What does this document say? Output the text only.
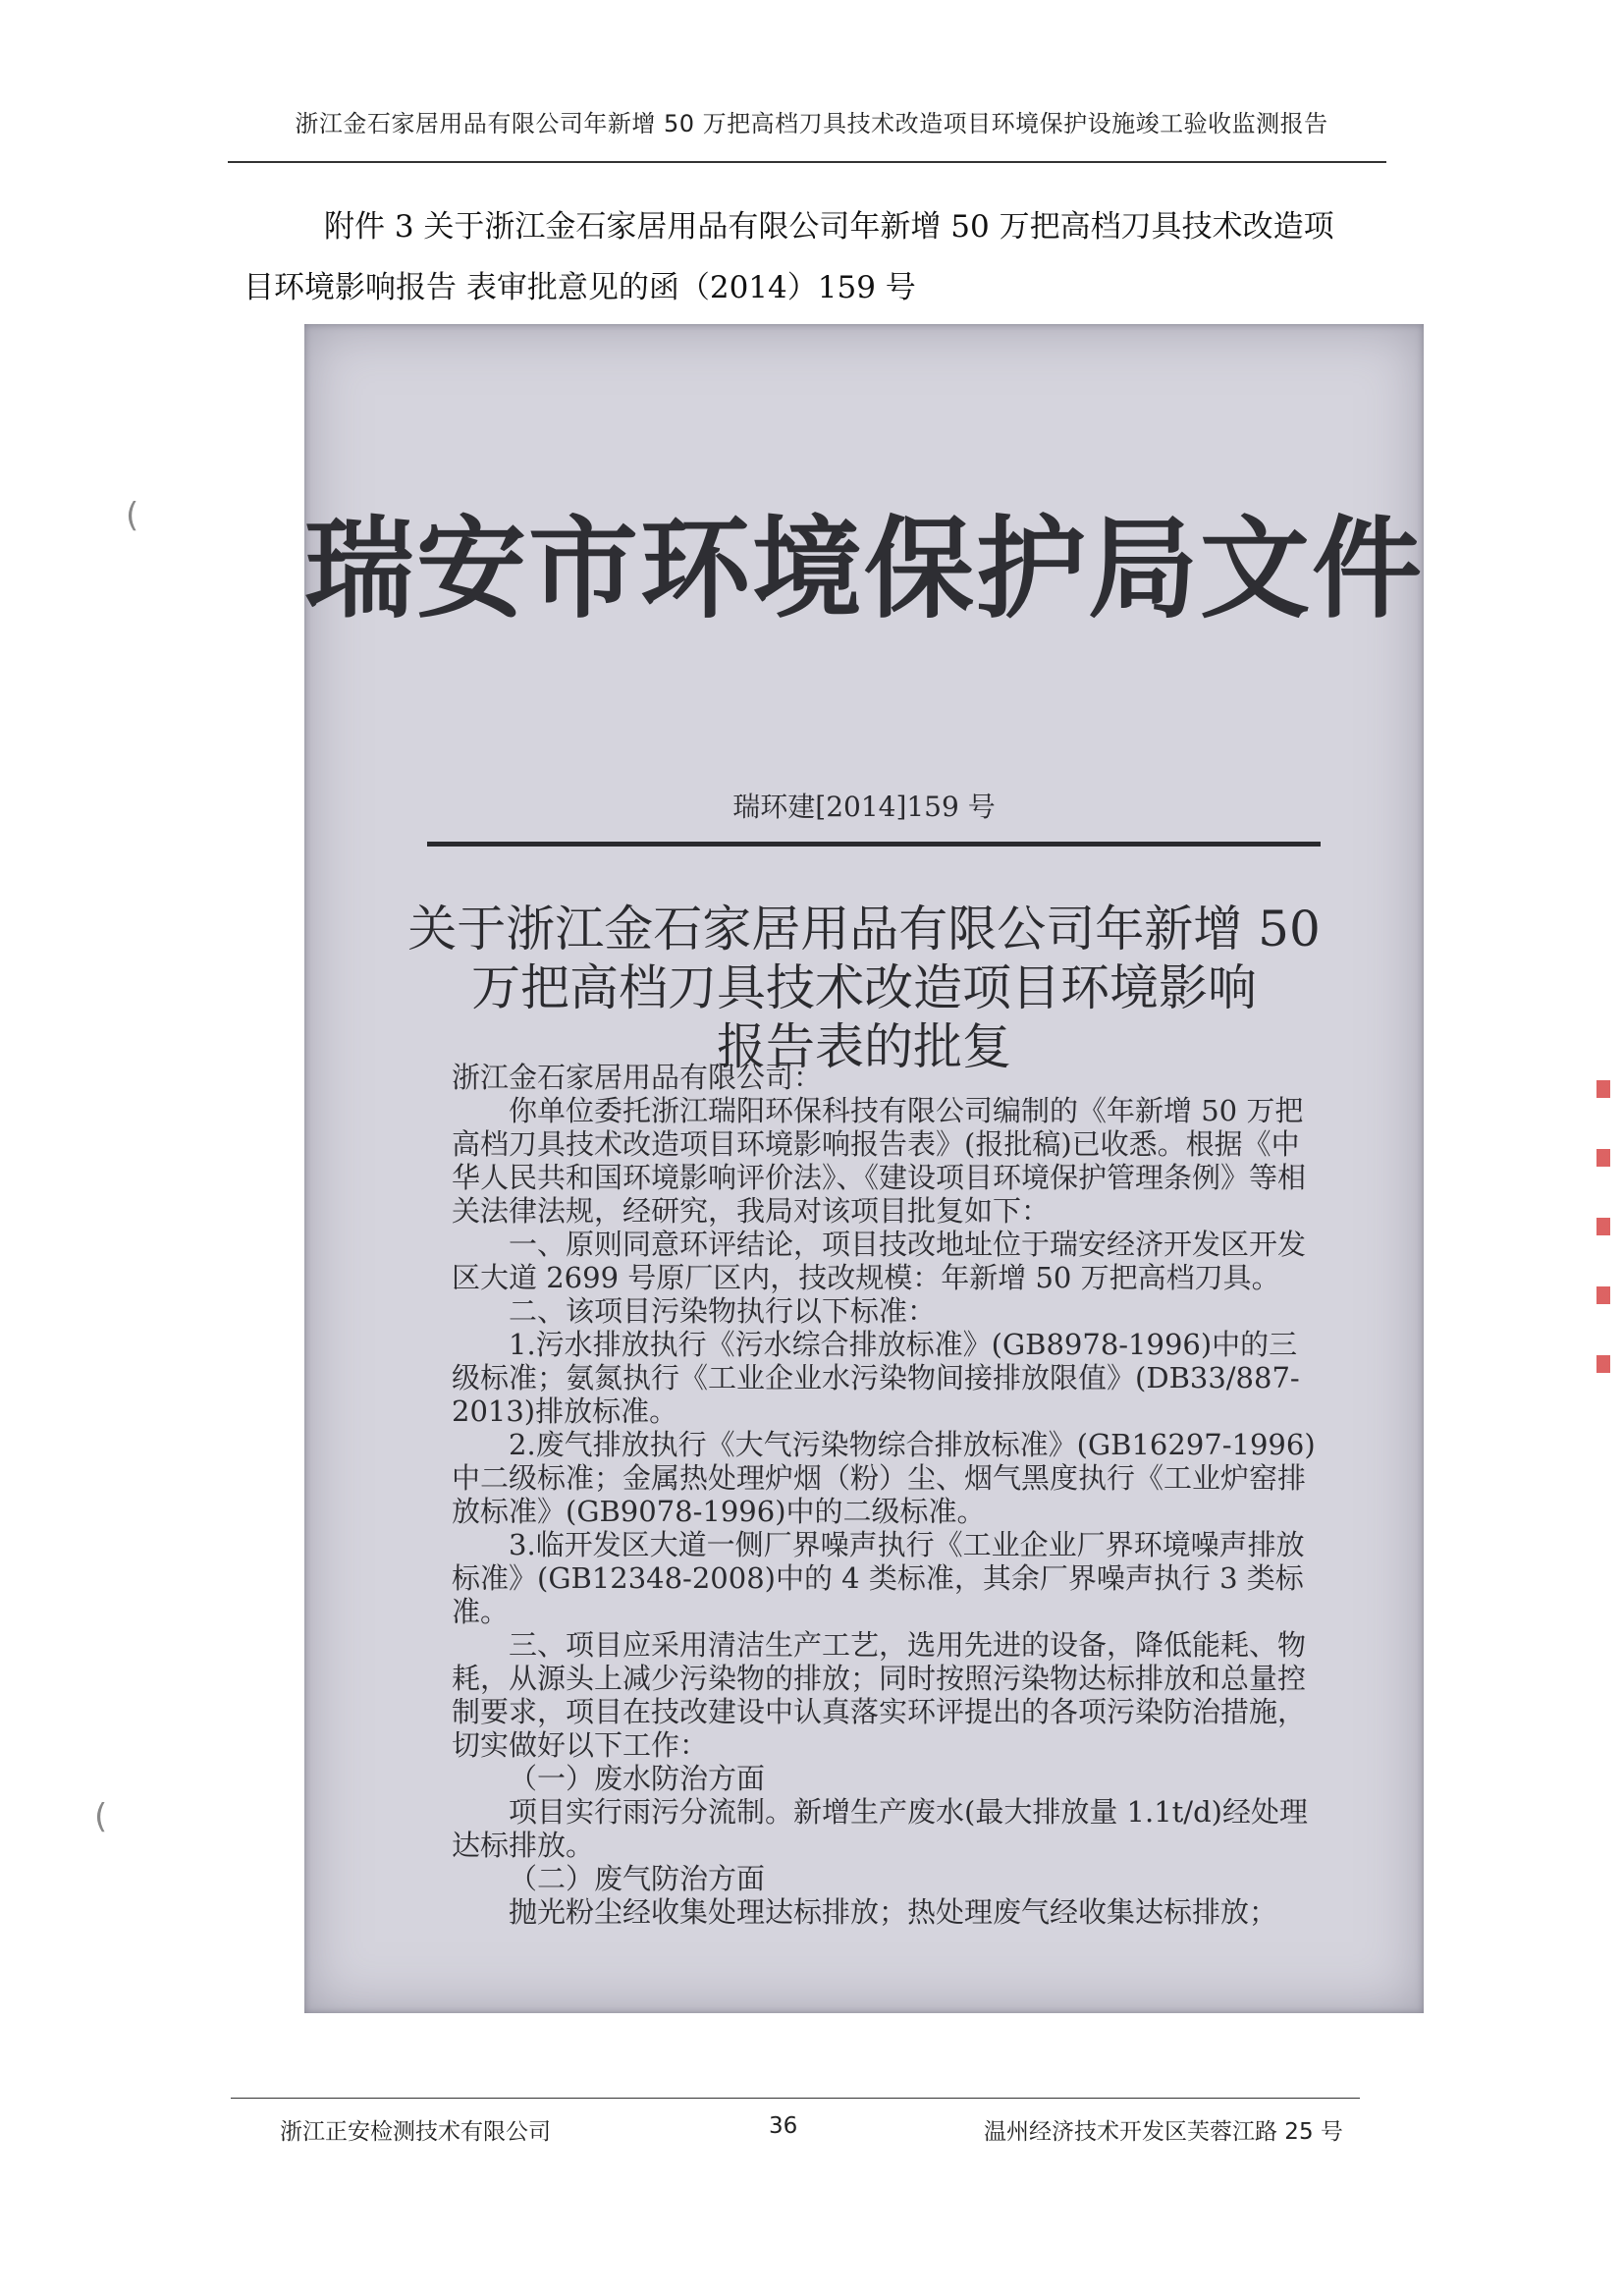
浙江金石家居用品有限公司年新增 50 万把高档刀具技术改造项目环境保护设施竣工验收监测报告
附件 3 关于浙江金石家居用品有限公司年新增 50 万把高档刀具技术改造项
目环境影响报告 表审批意见的函（2014）159 号
瑞安市环境保护局文件
瑞环建[2014]159 号
关于浙江金石家居用品有限公司年新增 50
万把高档刀具技术改造项目环境影响
报告表的批复

浙江金石家居用品有限公司：

你单位委托浙江瑞阳环保科技有限公司编制的《年新增 50 万把高档刀具技术改造项目环境影响报告表》(报批稿)已收悉。根据《中华人民共和国环境影响评价法》、《建设项目环境保护管理条例》等相关法律法规，经研究，我局对该项目批复如下：

一、原则同意环评结论，项目技改地址位于瑞安经济开发区开发区大道 2699 号原厂区内，技改规模：年新增 50 万把高档刀具。

二、该项目污染物执行以下标准：

1.污水排放执行《污水综合排放标准》(GB8978-1996)中的三级标准；氨氮执行《工业企业水污染物间接排放限值》(DB33/887-2013)排放标准。

2.废气排放执行《大气污染物综合排放标准》(GB16297-1996)中二级标准；金属热处理炉烟（粉）尘、烟气黑度执行《工业炉窑排放标准》(GB9078-1996)中的二级标准。

3.临开发区大道一侧厂界噪声执行《工业企业厂界环境噪声排放标准》(GB12348-2008)中的 4 类标准，其余厂界噪声执行 3 类标准。

三、项目应采用清洁生产工艺，选用先进的设备，降低能耗、物耗，从源头上减少污染物的排放；同时按照污染物达标排放和总量控制要求，项目在技改建设中认真落实环评提出的各项污染防治措施，切实做好以下工作：

（一）废水防治方面

项目实行雨污分流制。新增生产废水(最大排放量 1.1t/d)经处理达标排放。

（二）废气防治方面

抛光粉尘经收集处理达标排放；热处理废气经收集达标排放；

(
(
浙江正安检测技术有限公司	36	温州经济技术开发区芙蓉江路 25 号
